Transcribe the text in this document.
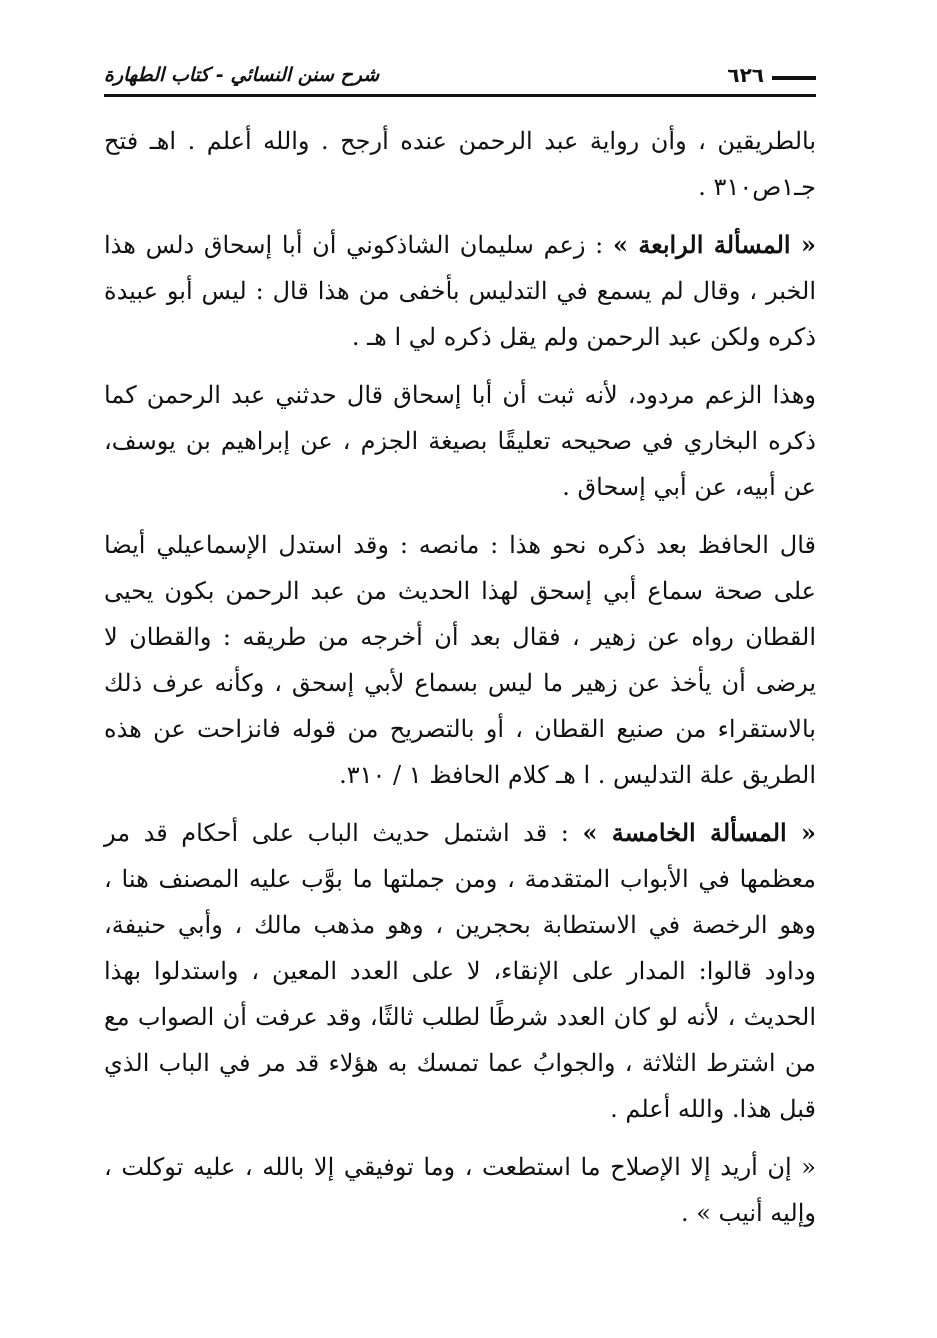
شرح سنن النسائي - كتاب الطهارة	٦٢٦

بالطريقين ، وأن رواية عبد الرحمن عنده أرجح . والله أعلم . اهـ فتح جـ١ص٣١٠ .

« المسألة الرابعة » : زعم سليمان الشاذكوني أن أبا إسحاق دلس هذا الخبر ، وقال لم يسمع في التدليس بأخفى من هذا قال : ليس أبو عبيدة ذكره ولكن عبد الرحمن ولم يقل ذكره لي ا هـ .

وهذا الزعم مردود، لأنه ثبت أن أبا إسحاق قال حدثني عبد الرحمن كما ذكره البخاري في صحيحه تعليقًا بصيغة الجزم ، عن إبراهيم بن يوسف، عن أبيه، عن أبي إسحاق .

قال الحافظ بعد ذكره نحو هذا : مانصه : وقد استدل الإسماعيلي أيضا على صحة سماع أبي إسحق لهذا الحديث من عبد الرحمن بكون يحيى القطان رواه عن زهير ، فقال بعد أن أخرجه من طريقه : والقطان لا يرضى أن يأخذ عن زهير ما ليس بسماع لأبي إسحق ، وكأنه عرف ذلك بالاستقراء من صنيع القطان ، أو بالتصريح من قوله فانزاحت عن هذه الطريق علة التدليس . ا هـ كلام الحافظ ١ / ٣١٠.

« المسألة الخامسة » : قد اشتمل حديث الباب على أحكام قد مر معظمها في الأبواب المتقدمة ، ومن جملتها ما بوَّب عليه المصنف هنا ، وهو الرخصة في الاستطابة بحجرين ، وهو مذهب مالك ، وأبي حنيفة، وداود قالوا: المدار على الإنقاء، لا على العدد المعين ، واستدلوا بهذا الحديث ، لأنه لو كان العدد شرطًا لطلب ثالثًا، وقد عرفت أن الصواب مع من اشترط الثلاثة ، والجوابُ عما تمسك به هؤلاء قد مر في الباب الذي قبل هذا. والله أعلم .

« إن أريد إلا الإصلاح ما استطعت ، وما توفيقي إلا بالله ، عليه توكلت ، وإليه أنيب » .
